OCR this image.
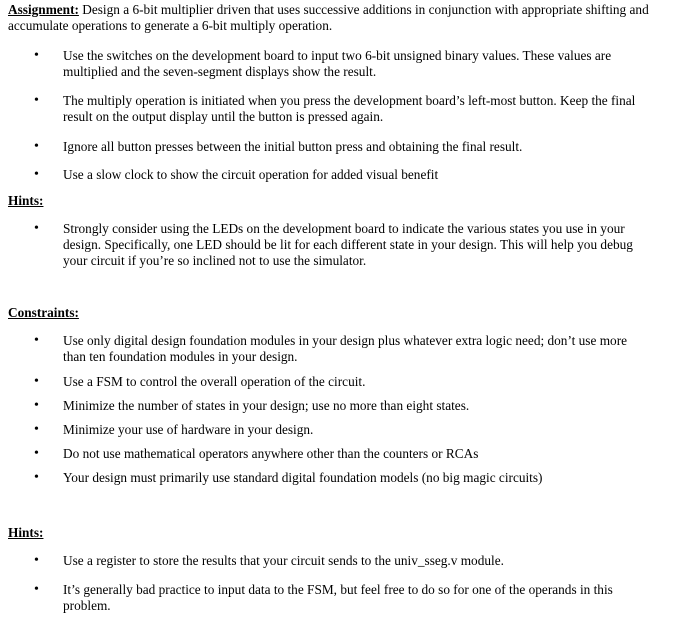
Assignment: Design a 6-bit multiplier driven that uses successive additions in conjunction with appropriate shifting and accumulate operations to generate a 6-bit multiply operation.
• Use the switches on the development board to input two 6-bit unsigned binary values. These values are multiplied and the seven-segment displays show the result.
• The multiply operation is initiated when you press the development board’s left-most button. Keep the final result on the output display until the button is pressed again.
• Ignore all button presses between the initial button press and obtaining the final result.
• Use a slow clock to show the circuit operation for added visual benefit
Hints:
• Strongly consider using the LEDs on the development board to indicate the various states you use in your design. Specifically, one LED should be lit for each different state in your design. This will help you debug your circuit if you’re so inclined not to use the simulator.
Constraints:
• Use only digital design foundation modules in your design plus whatever extra logic need; don’t use more than ten foundation modules in your design.
• Use a FSM to control the overall operation of the circuit.
• Minimize the number of states in your design; use no more than eight states.
• Minimize your use of hardware in your design.
• Do not use mathematical operators anywhere other than the counters or RCAs
• Your design must primarily use standard digital foundation models (no big magic circuits)
Hints:
• Use a register to store the results that your circuit sends to the univ_sseg.v module.
• It’s generally bad practice to input data to the FSM, but feel free to do so for one of the operands in this problem.
